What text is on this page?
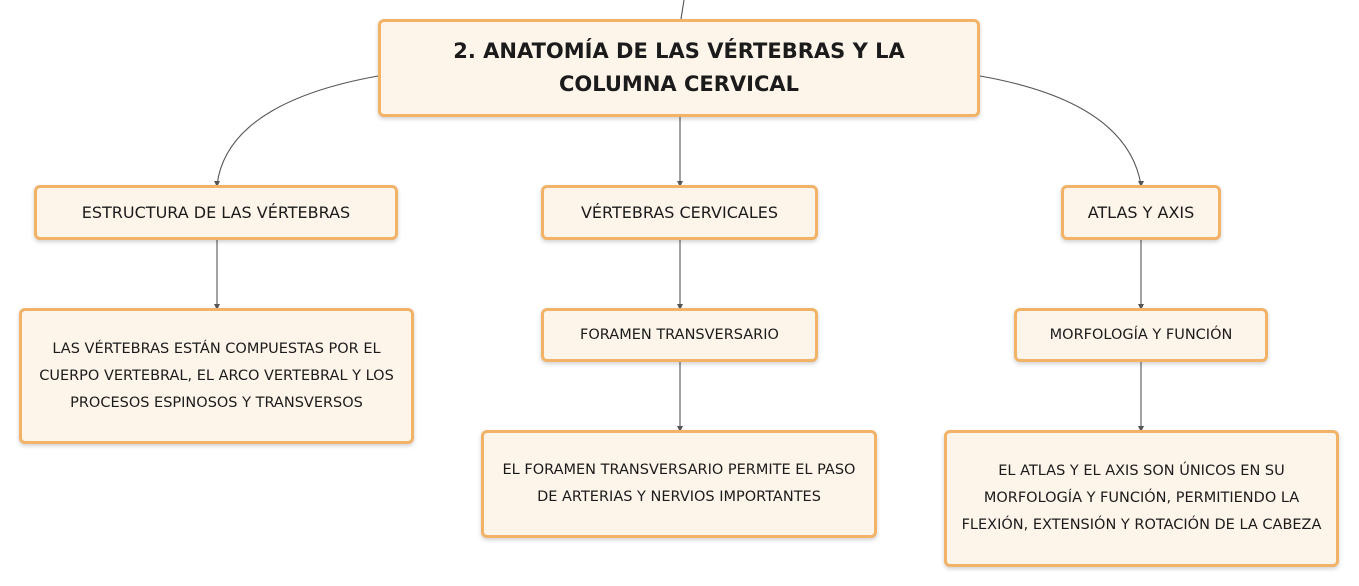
2. ANATOMÍA DE LAS VÉRTEBRAS Y LA COLUMNA CERVICAL
ESTRUCTURA DE LAS VÉRTEBRAS	VÉRTEBRAS CERVICALES	ATLAS Y AXIS
LAS VÉRTEBRAS ESTÁN COMPUESTAS POR EL CUERPO VERTEBRAL, EL ARCO VERTEBRAL Y LOS PROCESOS ESPINOSOS Y TRANSVERSOS
FORAMEN TRANSVERSARIO	MORFOLOGÍA Y FUNCIÓN
EL FORAMEN TRANSVERSARIO PERMITE EL PASO DE ARTERIAS Y NERVIOS IMPORTANTES
EL ATLAS Y EL AXIS SON ÚNICOS EN SU MORFOLOGÍA Y FUNCIÓN, PERMITIENDO LA FLEXIÓN, EXTENSIÓN Y ROTACIÓN DE LA CABEZA
